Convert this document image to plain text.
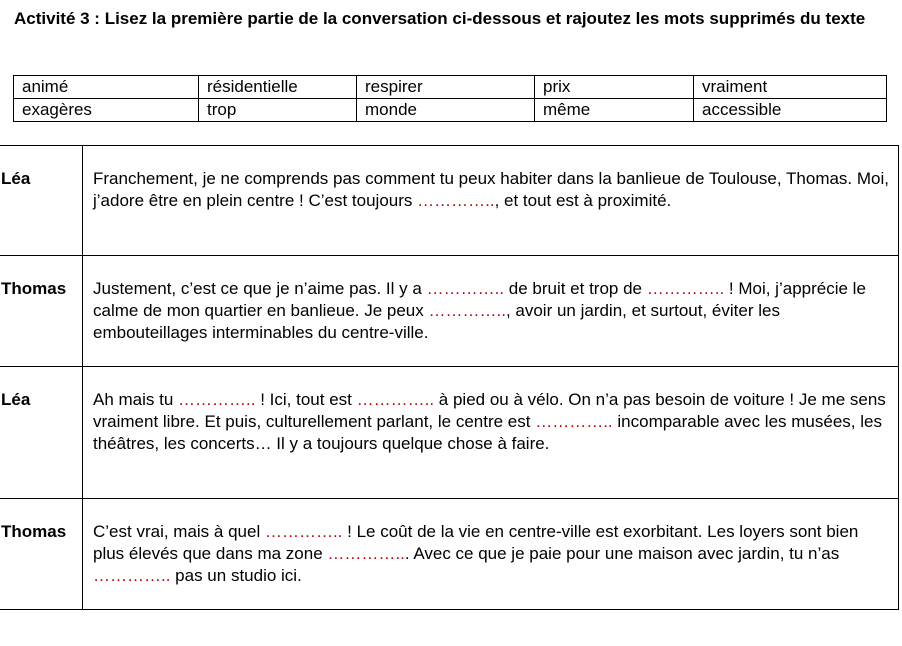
Activité 3 : Lisez la première partie de la conversation ci-dessous et rajoutez les mots supprimés du texte
animé	résidentielle	respirer	prix	vraiment
exagères	trop	monde	même	accessible
Léa	Franchement, je ne comprends pas comment tu peux habiter dans la banlieue de Toulouse, Thomas. Moi, j’adore être en plein centre ! C’est toujours ………….., et tout est à proximité.
Thomas	Justement, c’est ce que je n’aime pas. Il y a ………….. de bruit et trop de ………….. ! Moi, j’apprécie le calme de mon quartier en banlieue. Je peux ………….., avoir un jardin, et surtout, éviter les embouteillages interminables du centre-ville.
Léa	Ah mais tu ………….. ! Ici, tout est ………….. à pied ou à vélo. On n’a pas besoin de voiture ! Je me sens vraiment libre. Et puis, culturellement parlant, le centre est ………….. incomparable avec les musées, les théâtres, les concerts… Il y a toujours quelque chose à faire.
Thomas	C’est vrai, mais à quel ………….. ! Le coût de la vie en centre-ville est exorbitant. Les loyers sont bien plus élevés que dans ma zone …………... Avec ce que je paie pour une maison avec jardin, tu n’as ………….. pas un studio ici.
